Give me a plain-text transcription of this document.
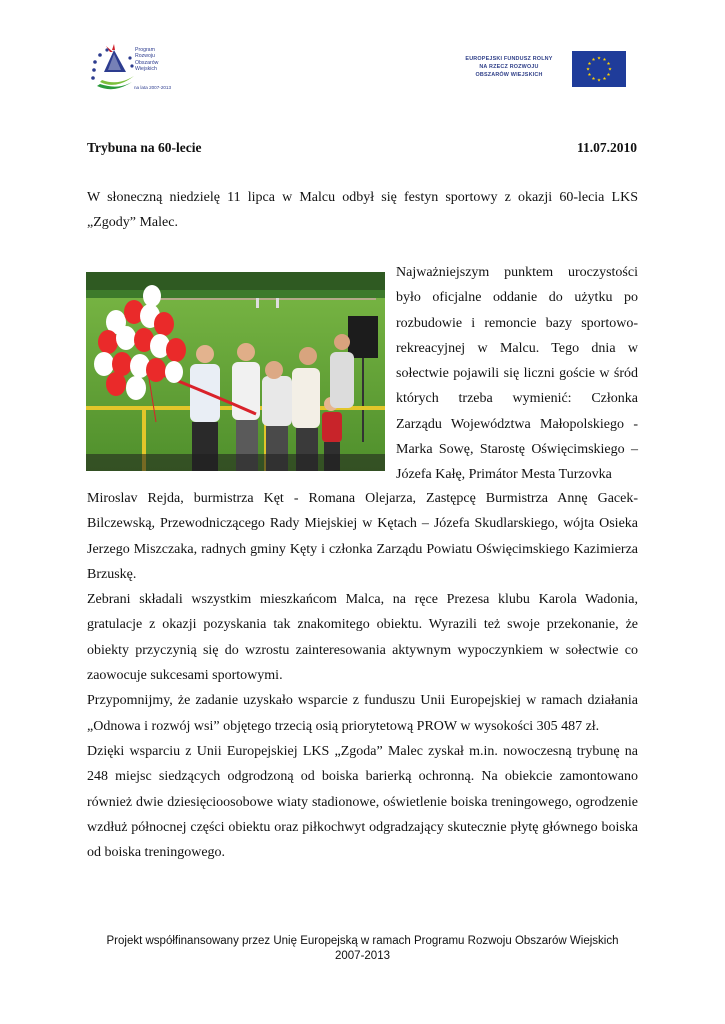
Program
Rozwoju
Obszarów
Wiejskich
na lata 2007-2013
EUROPEJSKI FUNDUSZ ROLNY
NA RZECZ ROZWOJU
OBSZARÓW WIEJSKICH
Trybuna na 60-lecie	11.07.2010

W słoneczną niedzielę 11 lipca w Malcu odbył się festyn sportowy z okazji 60-lecia LKS „Zgody” Malec.

Najważniejszym punktem uroczystości było oficjalne oddanie do użytku po rozbudowie i remoncie bazy sportowo-rekreacyjnej w Malcu. Tego dnia w sołectwie pojawili się liczni goście w śród których trzeba wymienić: Członka Zarządu Województwa Małopolskiego - Marka Sowę, Starostę Oświęcimskiego – Józefa Kałę, Primátor Mesta Turzovka

Miroslav Rejda, burmistrza Kęt - Romana Olejarza, Zastępcę Burmistrza Annę Gacek-Bilczewską, Przewodniczącego Rady Miejskiej w Kętach – Józefa Skudlarskiego, wójta Osieka Jerzego Miszczaka, radnych gminy Kęty i członka Zarządu Powiatu Oświęcimskiego Kazimierza Brzuskę.

Zebrani składali wszystkim mieszkańcom Malca, na ręce Prezesa klubu Karola Wadonia, gratulacje z okazji pozyskania tak znakomitego obiektu. Wyrazili też swoje przekonanie, że obiekty przyczynią się do wzrostu zainteresowania aktywnym wypoczynkiem w sołectwie co zaowocuje sukcesami sportowymi.

Przypomnijmy, że zadanie uzyskało wsparcie z funduszu Unii Europejskiej w ramach działania „Odnowa i rozwój wsi” objętego trzecią osią priorytetową PROW w wysokości 305 487 zł.

Dzięki wsparciu z Unii Europejskiej LKS „Zgoda” Malec zyskał m.in. nowoczesną trybunę na 248 miejsc siedzących odgrodzoną od boiska barierką ochronną. Na obiekcie zamontowano również dwie dziesięcioosobowe wiaty stadionowe, oświetlenie boiska treningowego, ogrodzenie wzdłuż północnej części obiektu oraz piłkochwyt odgradzający skutecznie płytę głównego boiska od boiska treningowego.

Projekt współfinansowany przez Unię Europejską w ramach Programu Rozwoju Obszarów Wiejskich
2007-2013
